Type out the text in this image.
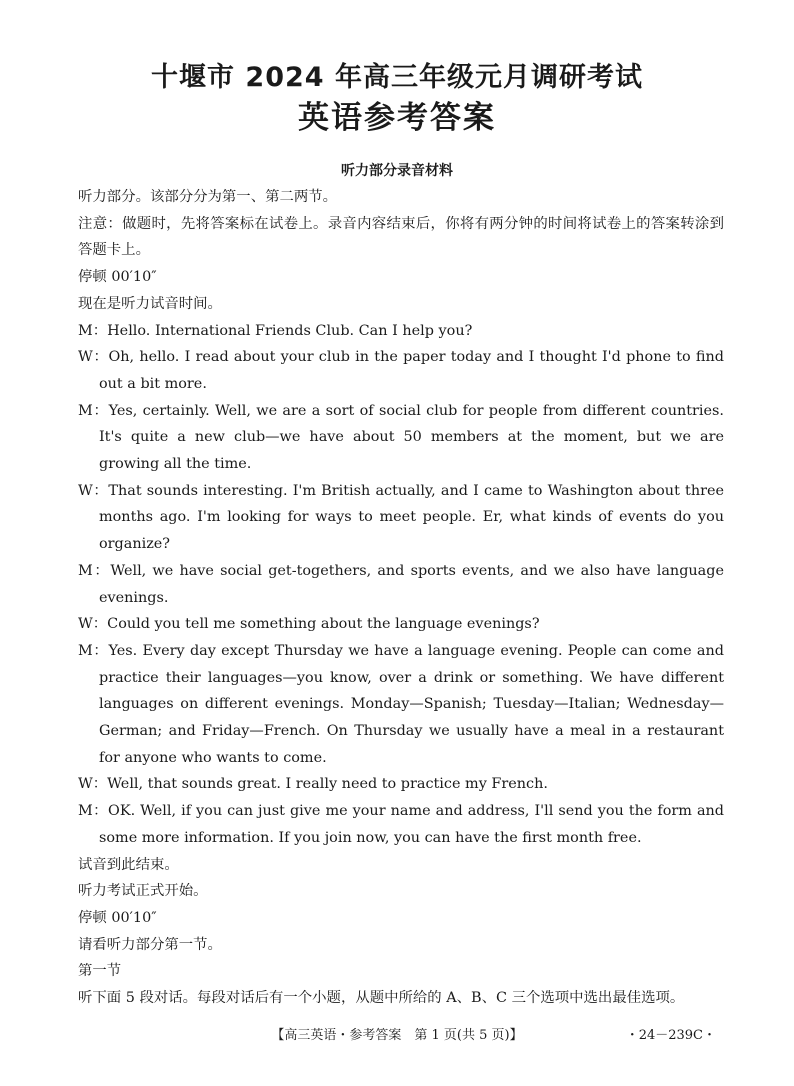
十堰市 2024 年高三年级元月调研考试
英语参考答案
听力部分录音材料
听力部分。该部分分为第一、第二两节。
注意：做题时，先将答案标在试卷上。录音内容结束后，你将有两分钟的时间将试卷上的答案转涂到答题卡上。
停顿 00′10″
现在是听力试音时间。
M：Hello. International Friends Club. Can I help you?
W：Oh, hello. I read about your club in the paper today and I thought I'd phone to find out a bit more.
M：Yes, certainly. Well, we are a sort of social club for people from different countries. It's quite a new club—we have about 50 members at the moment, but we are growing all the time.
W：That sounds interesting. I'm British actually, and I came to Washington about three months ago. I'm looking for ways to meet people. Er, what kinds of events do you organize?
M：Well, we have social get-togethers, and sports events, and we also have language evenings.
W：Could you tell me something about the language evenings?
M：Yes. Every day except Thursday we have a language evening. People can come and practice their languages—you know, over a drink or something. We have different languages on different evenings. Monday—Spanish; Tuesday—Italian; Wednesday—German; and Friday—French. On Thursday we usually have a meal in a restaurant for anyone who wants to come.
W：Well, that sounds great. I really need to practice my French.
M：OK. Well, if you can just give me your name and address, I'll send you the form and some more information. If you join now, you can have the first month free.
试音到此结束。
听力考试正式开始。
停顿 00′10″
请看听力部分第一节。
第一节
听下面 5 段对话。每段对话后有一个小题，从题中所给的 A、B、C 三个选项中选出最佳选项。
【高三英语・参考答案　第 1 页(共 5 页)】	・24－239C・
